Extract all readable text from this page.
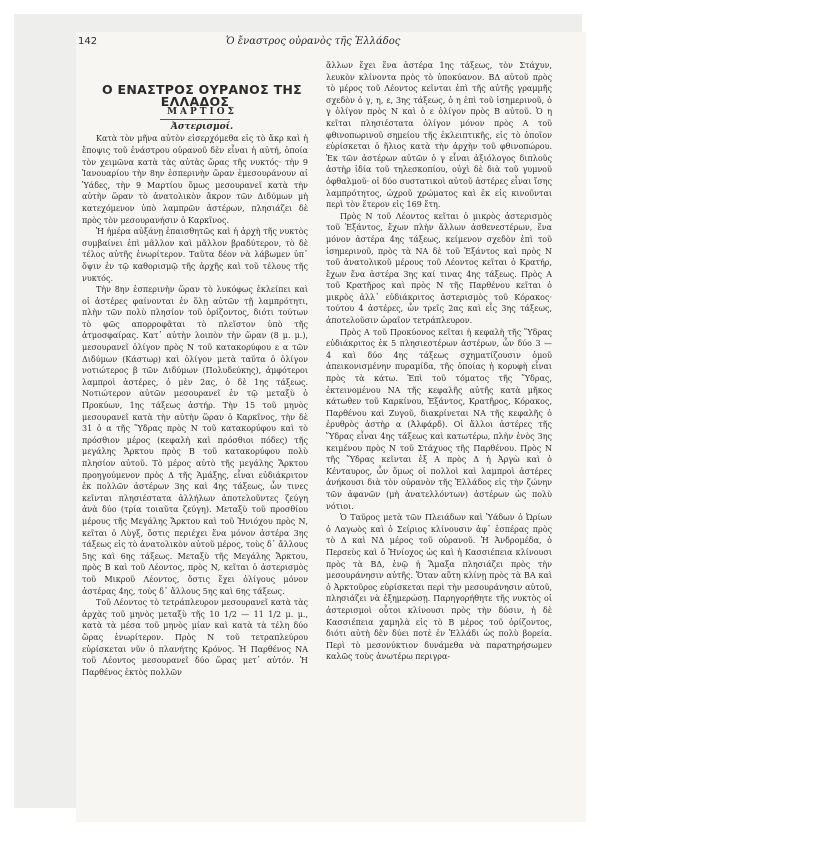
142	Ὁ ἔναστρος οὐρανὸς τῆς Ἑλλάδος

Ο ΕΝΑΣΤΡΟΣ ΟΥΡΑΝΟΣ ΤΗΣ ΕΛΛΑΔΟΣ

ΜΑΡΤΙΟΣ

Ἀστερισμοί.

Κατὰ τὸν μῆνα αὐτὸν εἰσερχόμεθα εἰς τὸ ἄκρ καὶ ἡ ἔποψις τοῦ ἐνάστρου οὐρανοῦ δὲν εἶναι ἡ αὐτή, ὁποία τὸν χειμῶνα κατὰ τὰς αὐτὰς ὥρας τῆς νυκτός· τὴν 9 Ἰανουαρίου τὴν 8ην ἑσπερινὴν ὥραν ἐμεσουράνουν αἱ Ὑάδες, τὴν 9 Μαρτίου ὅμως μεσουρανεῖ κατὰ τὴν αὐτὴν ὥραν τὸ ἀνατολικὸν ἄκρον τῶν Διδύμων μὴ κατεχόμενον ὑπὸ λαμπρῶν ἀστέρων, πλησιάζει δὲ πρὸς τὸν μεσουρανήσιν ὁ Καρκῖνος.

Ἡ ἡμέρα αὐξάνῃ ἐπαισθητῶς καὶ ἡ ἀρχὴ τῆς νυκτὸς συμβαίνει ἐπὶ μᾶλλον καὶ μᾶλλον βραδύτερον, τὸ δὲ τέλος αὐτῆς ἐνωρίτερον. Ταῦτα δέον νὰ λάβωμεν ὑπ᾽ ὄψιν ἐν τῷ καθορισμῷ τῆς ἀρχῆς καὶ τοῦ τέλους τῆς νυκτός.

Τὴν 8ην ἑσπερινὴν ὥραν τὸ λυκόφως ἐκλείπει καὶ οἱ ἀστέρες φαίνονται ἐν ὅλῃ αὐτῶν τῇ λαμπρότητι, πλὴν τῶν πολὺ πλησίον τοῦ ὁρίζοντος, διότι τούτων τὸ φῶς απορροφᾶται τὸ πλεῖστον ὑπὸ τῆς ἀτμοσφαίρας. Κατ᾽ αὐτὴν λοιπὸν τὴν ὥραν (8 μ. μ.), μεσουρανεῖ ὀλίγον πρὸς Ν τοῦ κατακορύφου ε α τῶν Διδύμων (Κάστωρ) καὶ ὀλίγον μετὰ ταῦτα ὁ ὀλίγον νοτιώτερος β τῶν Διδύμων (Πολυδεύκης), ἀμφότεροι λαμπροὶ ἀστέρες, ὁ μὲν 2ας, ὁ δὲ 1ης τάξεως. Νοτιώτερον αὐτῶν μεσουρανεῖ ἐν τῷ μεταξὺ ὁ Προκύων, 1ης τάξεως ἀστήρ. Τὴν 15 τοῦ μηνὸς μεσουρανεῖ κατὰ τὴν αὐτὴν ὥραν ὁ Καρκῖνος, τὴν δὲ 31 ὁ α τῆς Ὕδρας πρὸς Ν τοῦ κατακορύφου καὶ τὸ πρόσθιον μέρος (κεφαλὴ καὶ πρόσθιοι πόδες) τῆς μεγάλης Ἄρκτου πρὸς Β τοῦ κατακορύφου πολὺ πλησίον αὐτοῦ. Τὸ μέρος αὐτὸ τῆς μεγάλης Ἄρκτου προηγούμενον πρὸς Δ τῆς Ἁμάξης, εἶναι εὐδιάκριτον ἐκ πολλῶν ἀστέρων 3ης καὶ 4ης τάξεως, ὧν τινες κεῖνται πλησιέστατα ἀλλήλων ἀποτελοῦντες ζεύγη ἀνὰ δύο (τρία τοιαῦτα ζεύγη). Μεταξὺ τοῦ προσθίου μέρους τῆς Μεγάλης Ἄρκτου καὶ τοῦ Ἡνιόχου πρὸς Ν, κεῖται ὁ Λὺγξ, ὅστις περιέχει ἕνα μόνον ἀστέρα 3ης τάξεως εἰς τὸ ἀνατολικὸν αὐτοῦ μέρος, τοὺς δ᾽ ἄλλους 5ης καὶ 6ης τάξεως. Μεταξὺ τῆς Μεγάλης Ἄρκτου, πρὸς Β καὶ τοῦ Λέοντος, πρὸς Ν, κεῖται ὁ ἀστερισμὸς τοῦ Μικροῦ Λέοντος, ὅστις ἔχει ὀλίγους μόνον ἀστέρας 4ης, τοὺς δ᾽ ἄλλους 5ης καὶ 6ης τάξεως.

Τοῦ Λέοντος τὸ τετράπλευρον μεσουρανεῖ κατὰ τὰς ἀρχὰς τοῦ μηνὸς μεταξὺ τῆς 10 1/2 — 11 1/2 μ. μ., κατὰ τὰ μέσα τοῦ μηνὸς μίαν καὶ κατὰ τὰ τέλη δύο ὥρας ἐνωρίτερον. Πρὸς Ν τοῦ τετραπλεύρου εὑρίσκεται νῦν ὁ πλανήτης Κρόνος. Ἡ Παρθένος ΝΑ τοῦ Λέοντος μεσουρανεῖ δύο ὥρας μετ᾽ αὐτόν. Ἡ Παρθένος ἐκτὸς πολλῶν

ἄλλων ἔχει ἕνα ἀστέρα 1ης τάξεως, τὸν Στάχυν, λευκὸν κλίνοντα πρὸς τὸ ὑποκύανον. ΒΔ αὐτοῦ πρὸς τὸ μέρος τοῦ Λέοντος κεῖνται ἐπὶ τῆς αὐτῆς γραμμῆς σχεδὸν ὁ γ, η, ε, 3ης τάξεως, ὁ η ἐπὶ τοῦ ἰσημερινοῦ, ὁ γ ὀλίγον πρὸς Ν καὶ ὁ ε ὀλίγον πρὸς Β αὐτοῦ. Ὁ η κεῖται πλησιέστατα ὀλίγον μόνον πρὸς Α τοῦ φθινοπωρινοῦ σημείου τῆς ἐκλειπτικῆς, εἰς τὸ ὁποῖον εὑρίσκεται ὁ ἥλιος κατὰ τὴν ἀρχὴν τοῦ φθινοπώρου. Ἐκ τῶν ἀστέρων αὐτῶν ὁ γ εἶναι ἀξιόλογος διπλοῦς ἀστὴρ ἰδία τοῦ τηλεσκοπίου, οὐχὶ δὲ διὰ τοῦ γυμνοῦ ὀφθαλμοῦ· οἱ δύο συστατικοὶ αὐτοῦ ἀστέρες εἶναι ἴσης λαμπρότητος, ὠχροῦ χρώματος καὶ ἐκ εἰς κινοῦνται περὶ τὸν ἕτερον εἰς 169 ἔτη.

Πρὸς Ν τοῦ Λέοντος κεῖται ὁ μικρὸς ἀστερισμὸς τοῦ Ἑξάντος, ἔχων πλὴν ἄλλων ἀσθενεστέρων, ἕνα μόνον ἀστέρα 4ης τάξεως, κείμενον σχεδὸν ἐπὶ τοῦ ἰσημερινοῦ, πρὸς τὰ ΝΑ δὲ τοῦ Ἑξάντος καὶ πρὸς Ν τοῦ ἀνατολικοῦ μέρους τοῦ Λέοντος κεῖται ὁ Κρατήρ, ἔχων ἕνα ἀστέρα 3ης καί τινας 4ης τάξεως. Πρὸς Α τοῦ Κρατῆρος καὶ πρὸς Ν τῆς Παρθένου κεῖται ὁ μικρὸς ἀλλ᾽ εὐδιάκριτος ἀστερισμὸς τοῦ Κόρακος· τούτου 4 ἀστέρες, ὧν τρεῖς 2ας καὶ εἷς 3ης τάξεως, ἀποτελοῦσιν ὡραῖον τετράπλευρον.

Πρὸς Α τοῦ Προκύονος κεῖται ἡ κεφαλὴ τῆς Ὕδρας εὐδιάκριτος ἐκ 5 πλησιεστέρων ἀστέρων, ὧν δύο 3 — 4 καὶ δύο 4ης τάξεως σχηματίζουσιν ὁμοῦ ἀπεικονισμένην πυραμίδα, τῆς ὁποίας ἡ κορυφὴ εἶναι πρὸς τὰ κάτω. Ἐπὶ τοῦ τόματος τῆς Ὕδρας, ἐκτεινομένου ΝΑ τῆς κεφαλῆς αὐτῆς κατὰ μῆκος κάτωθεν τοῦ Καρκίνου, Ἑξάντος, Κρατῆρος, Κόρακος, Παρθένου καὶ Ζυγοῦ, διακρίνεται ΝΑ τῆς κεφαλῆς ὁ ἐρυθρὸς ἀστὴρ α (Ἀλφάρδ). Οἱ ἄλλοι ἀστέρες τῆς Ὕδρας εἶναι 4ης τάξεως καὶ κατωτέρω, πλὴν ἑνὸς 3ης κειμένου πρὸς Ν τοῦ Στάχυος τῆς Παρθένου. Πρὸς Ν τῆς Ὕδρας κεῖνται ἐξ Α πρὸς Δ ἡ Ἀργὼ καὶ ὁ Κένταυρος, ὧν ὅμως οἱ πολλοὶ καὶ λαμπροὶ ἀστέρες ἀνήκουσι διὰ τὸν οὐρανὸν τῆς Ἑλλάδος εἰς τὴν ζώνην τῶν ἀφανῶν (μὴ ἀνατελλόντων) ἀστέρων ὡς πολὺ νότιοι.

Ὁ Ταῦρος μετὰ τῶν Πλειάδων καὶ Ὑάδων ὁ Ὠρίων ὁ Λαγωὸς καὶ ὁ Σείριος κλίνουσιν ἀφ᾽ ἑσπέρας πρὸς τὸ Δ καὶ ΝΔ μέρος τοῦ οὐρανοῦ. Ἡ Ἀνδρομέδα, ὁ Περσεὺς καὶ ὁ Ἡνίοχος ὡς καὶ ἡ Κασσιέπεια κλίνουσι πρὸς τὰ ΒΔ, ἐνῷ ἡ Ἅμαξα πλησιάζει πρὸς τὴν μεσουράνησιν αὐτῆς. Ὅταν αὕτη κλίνῃ πρὸς τὰ ΒΑ καὶ ὁ Ἀρκτοῦρος εὑρίσκεται περὶ τὴν μεσουράνησιν αὐτοῦ, πλησιάζει νὰ ἐξημερώσῃ. Παρηγορήθητε τῆς νυκτὸς οἱ ἀστερισμοὶ οὗτοι κλίνουσι πρὸς τὴν δύσιν, ἡ δὲ Κασσιέπεια χαμηλὰ εἰς τὸ Β μέρος τοῦ ὁρίζοντος, διότι αὐτὴ δὲν δύει ποτὲ ἐν Ἑλλάδι ὡς πολὺ βορεία. Περὶ τὸ μεσονύκτιον δυνάμεθα νὰ παρατηρήσωμεν καλῶς τοὺς ἀνωτέρω περιγρα-
